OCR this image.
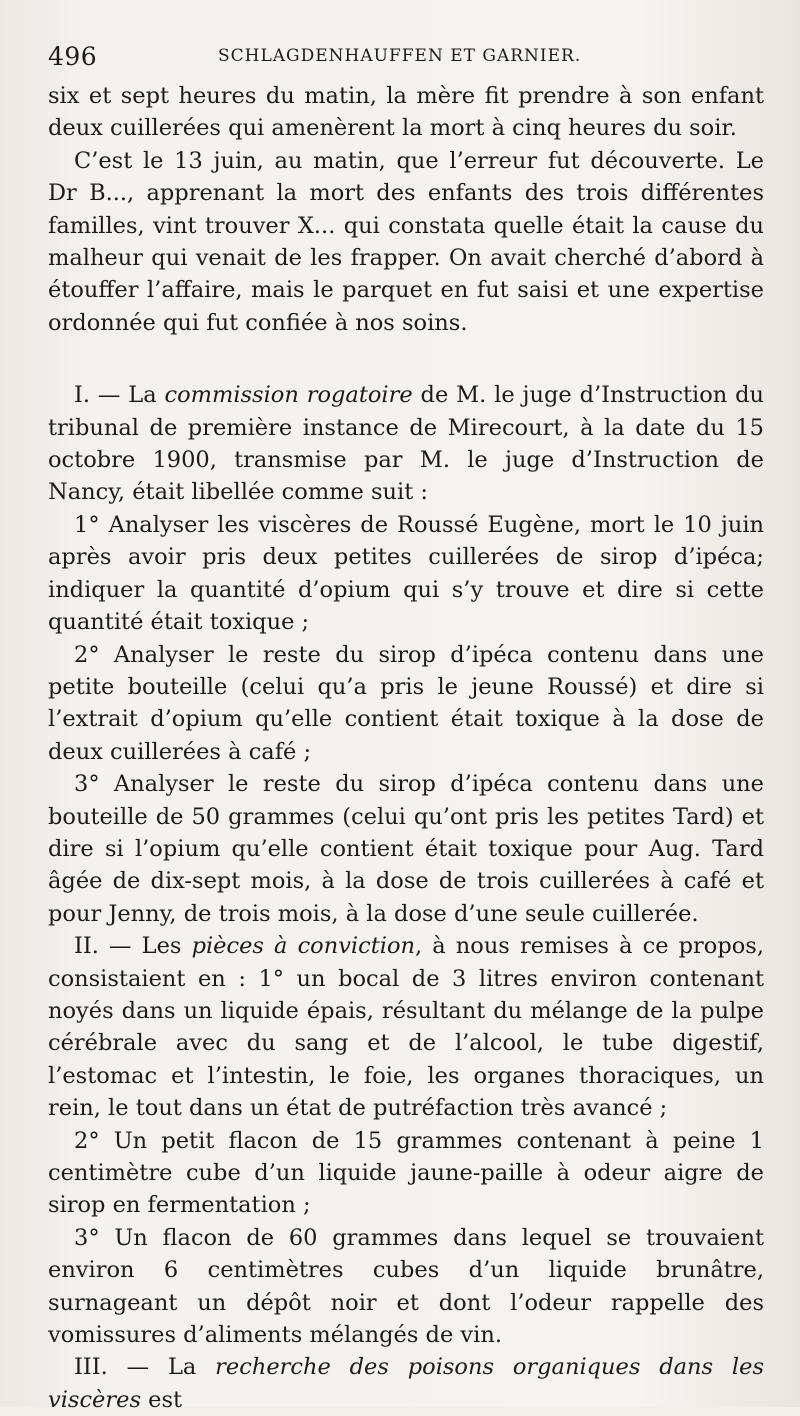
496	SCHLAGDENHAUFFEN ET GARNIER.

six et sept heures du matin, la mère fit prendre à son enfant deux cuillerées qui amenèrent la mort à cinq heures du soir.

C’est le 13 juin, au matin, que l’erreur fut découverte. Le Dr B..., apprenant la mort des enfants des trois différentes familles, vint trouver X... qui constata quelle était la cause du malheur qui venait de les frapper. On avait cherché d’abord à étouffer l’affaire, mais le parquet en fut saisi et une expertise ordonnée qui fut confiée à nos soins.

I. — La commission rogatoire de M. le juge d’Instruction du tribunal de première instance de Mirecourt, à la date du 15 octobre 1900, transmise par M. le juge d’Instruction de Nancy, était libellée comme suit :

1° Analyser les viscères de Roussé Eugène, mort le 10 juin après avoir pris deux petites cuillerées de sirop d’ipéca; indiquer la quantité d’opium qui s’y trouve et dire si cette quantité était toxique ;

2° Analyser le reste du sirop d’ipéca contenu dans une petite bouteille (celui qu’a pris le jeune Roussé) et dire si l’extrait d’opium qu’elle contient était toxique à la dose de deux cuillerées à café ;

3° Analyser le reste du sirop d’ipéca contenu dans une bouteille de 50 grammes (celui qu’ont pris les petites Tard) et dire si l’opium qu’elle contient était toxique pour Aug. Tard âgée de dix-sept mois, à la dose de trois cuillerées à café et pour Jenny, de trois mois, à la dose d’une seule cuillerée.

II. — Les pièces à conviction, à nous remises à ce propos, consistaient en : 1° un bocal de 3 litres environ contenant noyés dans un liquide épais, résultant du mélange de la pulpe cérébrale avec du sang et de l’alcool, le tube digestif, l’estomac et l’intestin, le foie, les organes thoraciques, un rein, le tout dans un état de putréfaction très avancé ;

2° Un petit flacon de 15 grammes contenant à peine 1 centimètre cube d’un liquide jaune-paille à odeur aigre de sirop en fermentation ;

3° Un flacon de 60 grammes dans lequel se trouvaient environ 6 centimètres cubes d’un liquide brunâtre, surnageant un dépôt noir et dont l’odeur rappelle des vomissures d’aliments mélangés de vin.

III. — La recherche des poisons organiques dans les viscères est
